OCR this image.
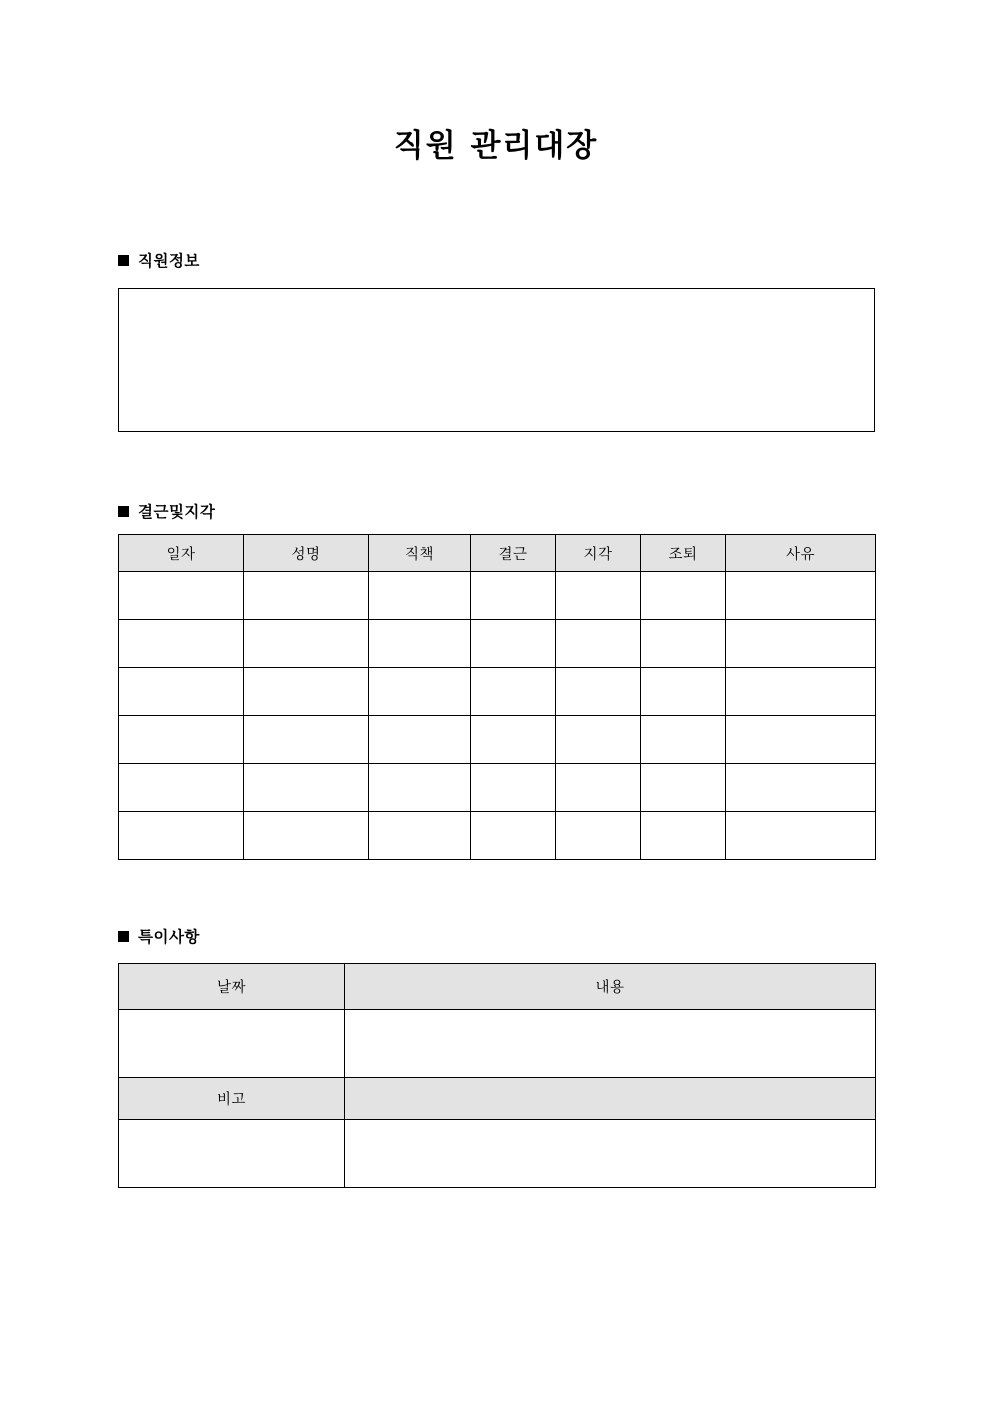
직원 관리대장
직원정보
결근및지각
일자	성명	직책	결근	지각	조퇴	사유

특이사항
날짜	내용

비고	
